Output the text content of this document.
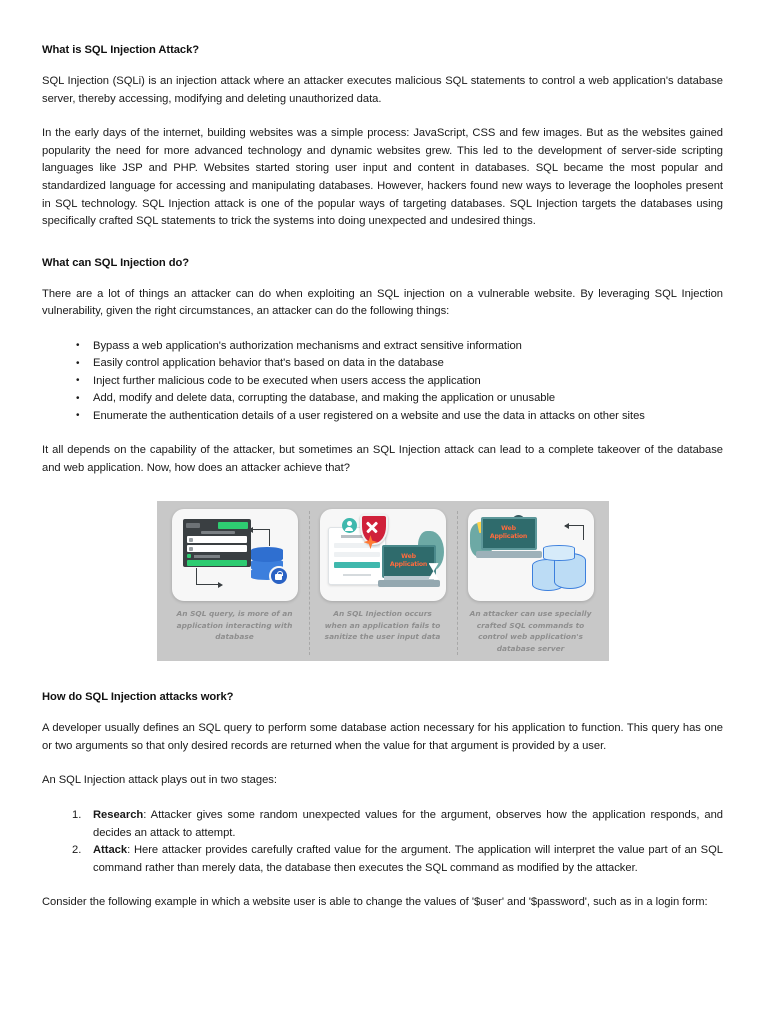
What is SQL Injection Attack?

SQL Injection (SQLi) is an injection attack where an attacker executes malicious SQL statements to control a web application's database server, thereby accessing, modifying and deleting unauthorized data.

In the early days of the internet, building websites was a simple process: JavaScript, CSS and few images. But as the websites gained popularity the need for more advanced technology and dynamic websites grew. This led to the development of server-side scripting languages like JSP and PHP. Websites started storing user input and content in databases. SQL became the most popular and standardized language for accessing and manipulating databases. However, hackers found new ways to leverage the loopholes present in SQL technology. SQL Injection attack is one of the popular ways of targeting databases. SQL Injection targets the databases using specifically crafted SQL statements to trick the systems into doing unexpected and undesired things.

What can SQL Injection do?

There are a lot of things an attacker can do when exploiting an SQL injection on a vulnerable website. By leveraging SQL Injection vulnerability, given the right circumstances, an attacker can do the following things:

• Bypass a web application's authorization mechanisms and extract sensitive information
• Easily control application behavior that's based on data in the database
• Inject further malicious code to be executed when users access the application
• Add, modify and delete data, corrupting the database, and making the application or unusable
• Enumerate the authentication details of a user registered on a website and use the data in attacks on other sites

It all depends on the capability of the attacker, but sometimes an SQL Injection attack can lead to a complete takeover of the database and web application. Now, how does an attacker achieve that?

An SQL query, is more of an application interacting with database
Web Application
An SQL Injection occurs when an application fails to sanitize the user input data
Web Application
An attacker can use specially crafted SQL commands to control web application's database server
How do SQL Injection attacks work?

A developer usually defines an SQL query to perform some database action necessary for his application to function. This query has one or two arguments so that only desired records are returned when the value for that argument is provided by a user.

An SQL Injection attack plays out in two stages:

Research: Attacker gives some random unexpected values for the argument, observes how the application responds, and decides an attack to attempt.
Attack: Here attacker provides carefully crafted value for the argument. The application will interpret the value part of an SQL command rather than merely data, the database then executes the SQL command as modified by the attacker.

Consider the following example in which a website user is able to change the values of '$user' and '$password', such as in a login form:
